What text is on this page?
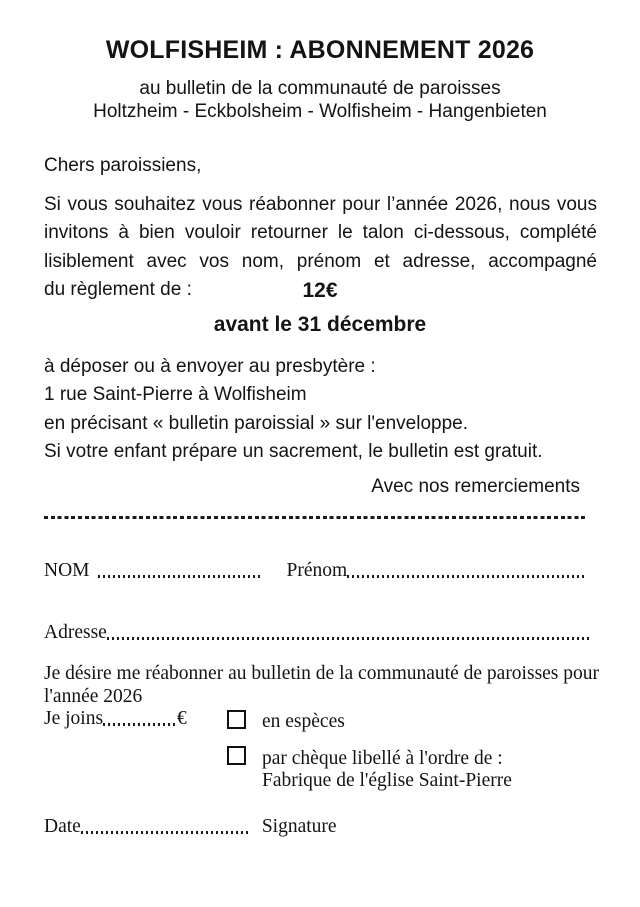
WOLFISHEIM : ABONNEMENT 2026
au bulletin de la communauté de paroisses
Holtzheim - Eckbolsheim - Wolfisheim - Hangenbieten
Chers paroissiens,
Si vous souhaitez vous réabonner pour l’année 2026, nous vous
invitons à bien vouloir retourner le talon ci-dessous, complété
lisiblement avec vos nom, prénom et adresse, accompagné
du règlement de :	12€
avant le 31 décembre
à déposer ou à envoyer au presbytère :
1 rue Saint-Pierre à Wolfisheim
en précisant « bulletin paroissial » sur l'enveloppe.
Si votre enfant prépare un sacrement, le bulletin est gratuit.
Avec nos remerciements
NOM	Prénom
Adresse
Je désire me réabonner au bulletin de la communauté de paroisses pour
l'année 2026
Je joins	€	en espèces
par chèque libellé à l'ordre de :
Fabrique de l'église Saint-Pierre
Date	Signature
